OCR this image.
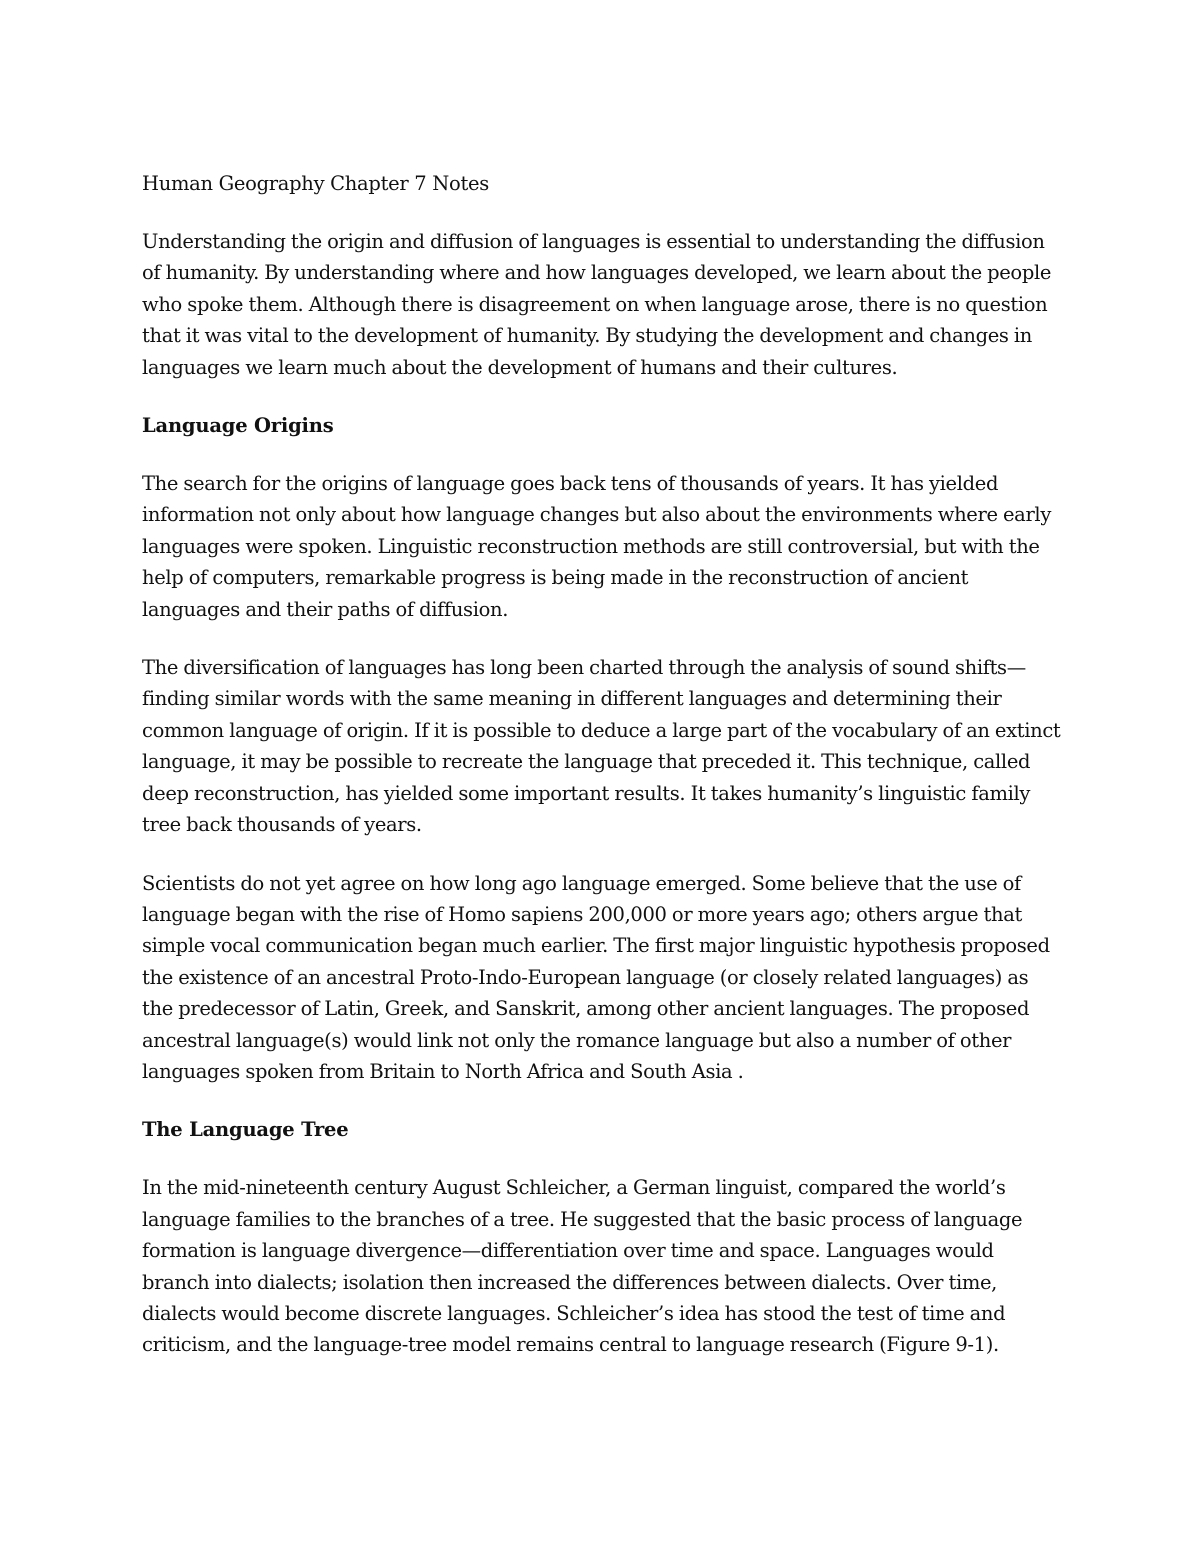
Human Geography Chapter 7 Notes

Understanding the origin and diffusion of languages is essential to understanding the diffusion of humanity. By understanding where and how languages developed, we learn about the people who spoke them. Although there is disagreement on when language arose, there is no question that it was vital to the development of humanity. By studying the development and changes in languages we learn much about the development of humans and their cultures.

Language Origins

The search for the origins of language goes back tens of thousands of years. It has yielded information not only about how language changes but also about the environments where early languages were spoken. Linguistic reconstruction methods are still controversial, but with the help of computers, remarkable progress is being made in the reconstruction of ancient languages and their paths of diffusion.

The diversification of languages has long been charted through the analysis of sound shifts—finding similar words with the same meaning in different languages and determining their common language of origin. If it is possible to deduce a large part of the vocabulary of an extinct language, it may be possible to recreate the language that preceded it. This technique, called deep reconstruction, has yielded some important results. It takes humanity’s linguistic family tree back thousands of years.

Scientists do not yet agree on how long ago language emerged. Some believe that the use of language began with the rise of Homo sapiens 200,000 or more years ago; others argue that simple vocal communication began much earlier. The first major linguistic hypothesis proposed the existence of an ancestral Proto-Indo-European language (or closely related languages) as the predecessor of Latin, Greek, and Sanskrit, among other ancient languages. The proposed ancestral language(s) would link not only the romance language but also a number of other languages spoken from Britain to North Africa and South Asia .

The Language Tree

In the mid-nineteenth century August Schleicher, a German linguist, compared the world’s language families to the branches of a tree. He suggested that the basic process of language formation is language divergence—differentiation over time and space. Languages would branch into dialects; isolation then increased the differences between dialects. Over time, dialects would become discrete languages. Schleicher’s idea has stood the test of time and criticism, and the language-tree model remains central to language research (Figure 9-1).
